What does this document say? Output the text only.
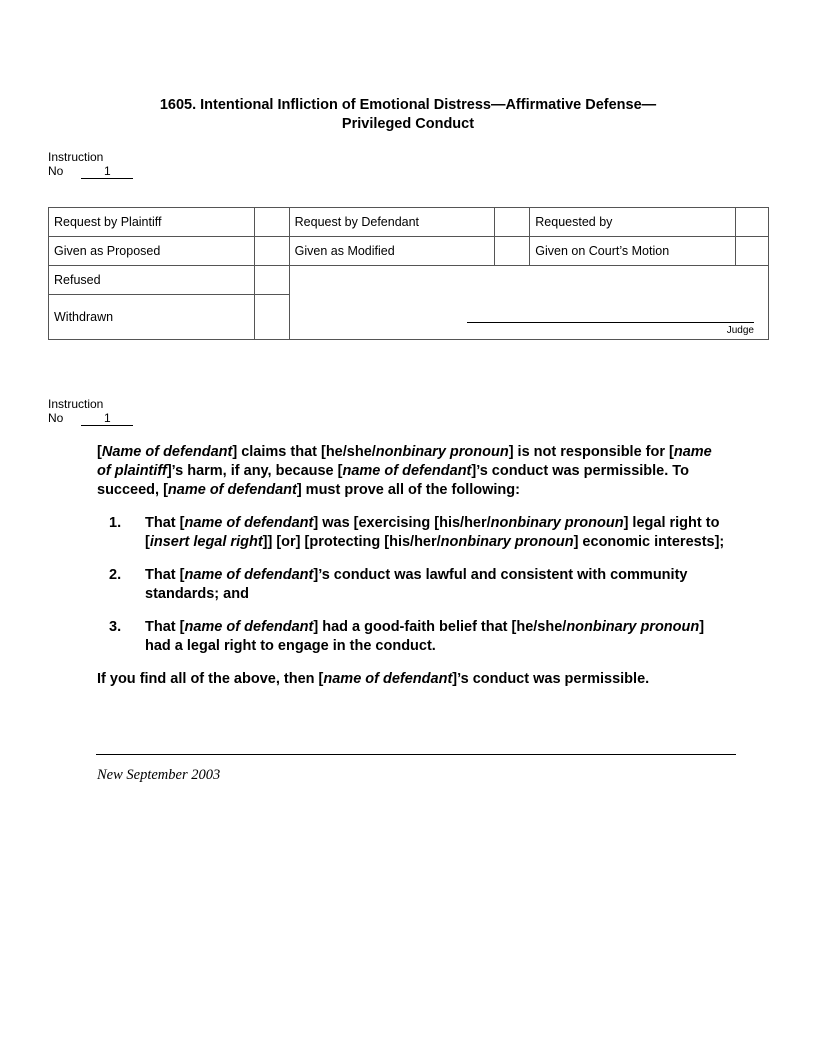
1605. Intentional Infliction of Emotional Distress—Affirmative Defense—
Privileged Conduct
Instruction
No	1
Request by Plaintiff		Request by Defendant		Requested by	
Given as Proposed		Given as Modified		Given on Court’s Motion	
Refused		Judge			

Withdrawn					
Instruction
No	1

[Name of defendant] claims that [he/she/nonbinary pronoun] is not responsible for [name of plaintiff]’s harm, if any, because [name of defendant]’s conduct was permissible. To succeed, [name of defendant] must prove all of the following:

1. That [name of defendant] was [exercising [his/her/nonbinary pronoun] legal right to [insert legal right]] [or] [protecting [his/her/nonbinary pronoun] economic interests];
2. That [name of defendant]’s conduct was lawful and consistent with community standards; and
3. That [name of defendant] had a good-faith belief that [he/she/nonbinary pronoun] had a legal right to engage in the conduct.

If you find all of the above, then [name of defendant]’s conduct was permissible.

New September 2003
